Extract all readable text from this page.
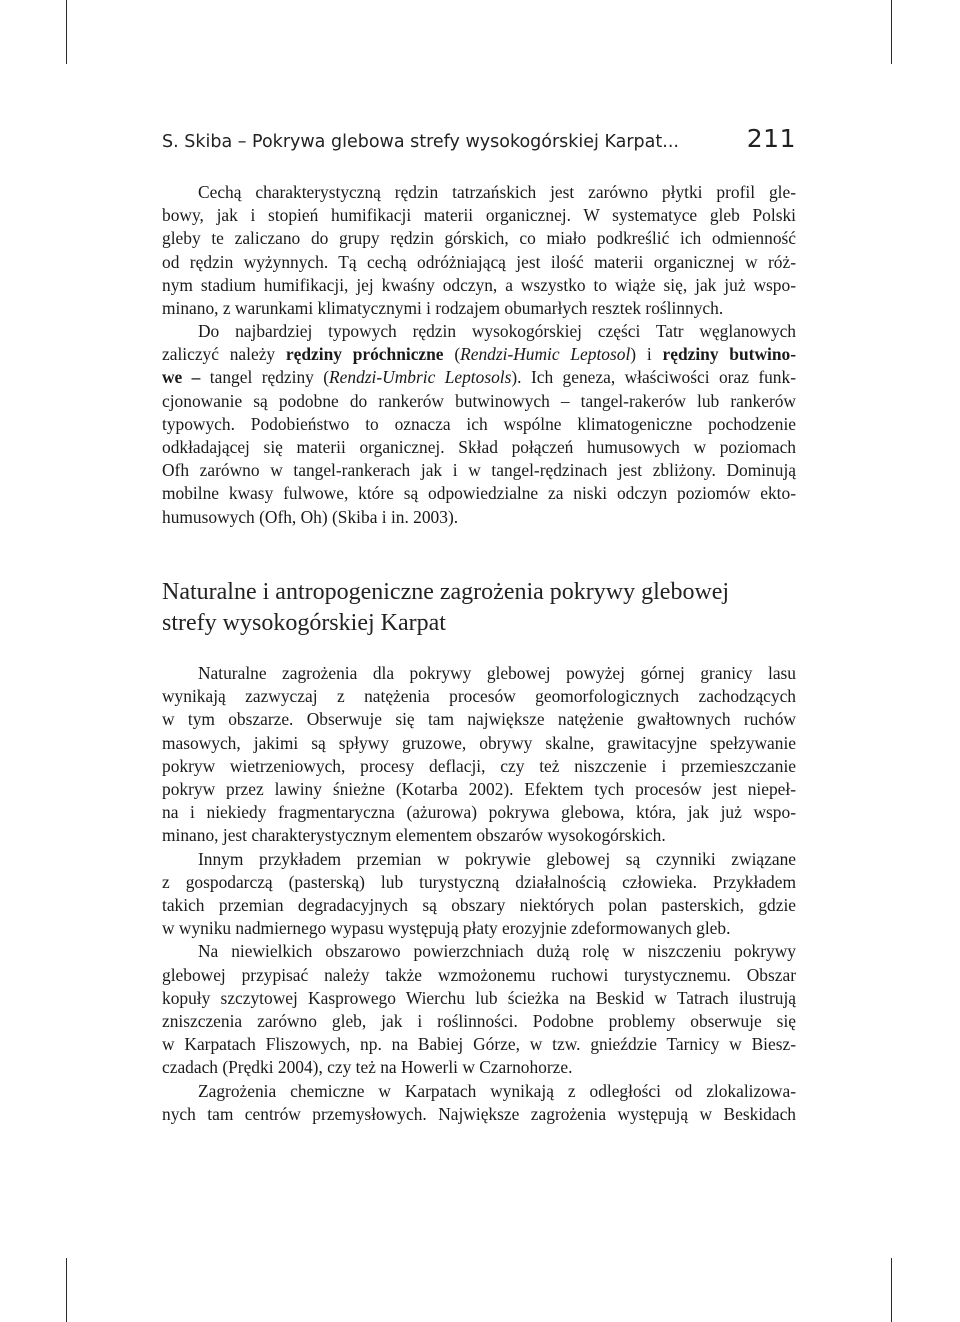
S. Skiba – Pokrywa glebowa strefy wysokogórskiej Karpat...	211
Cechą charakterystyczną rędzin tatrzańskich jest zarówno płytki profil gle-
bowy, jak i stopień humifikacji materii organicznej. W systematyce gleb Polski
gleby te zaliczano do grupy rędzin górskich, co miało podkreślić ich odmienność
od rędzin wyżynnych. Tą cechą odróżniającą jest ilość materii organicznej w róż-
nym stadium humifikacji, jej kwaśny odczyn, a wszystko to wiąże się, jak już wspo-
minano, z warunkami klimatycznymi i rodzajem obumarłych resztek roślinnych.
Do najbardziej typowych rędzin wysokogórskiej części Tatr węglanowych
zaliczyć należy rędziny próchniczne (Rendzi-Humic Leptosol) i rędziny butwino-
we – tangel rędziny (Rendzi-Umbric Leptosols). Ich geneza, właściwości oraz funk-
cjonowanie są podobne do rankerów butwinowych – tangel-rakerów lub rankerów
typowych. Podobieństwo to oznacza ich wspólne klimatogeniczne pochodzenie
odkładającej się materii organicznej. Skład połączeń humusowych w poziomach
Ofh zarówno w tangel-rankerach jak i w tangel-rędzinach jest zbliżony. Dominują
mobilne kwasy fulwowe, które są odpowiedzialne za niski odczyn poziomów ekto-
humusowych (Ofh, Oh) (Skiba i in. 2003).
Naturalne i antropogeniczne zagrożenia pokrywy glebowej
strefy wysokogórskiej Karpat
Naturalne zagrożenia dla pokrywy glebowej powyżej górnej granicy lasu
wynikają zazwyczaj z natężenia procesów geomorfologicznych zachodzących
w tym obszarze. Obserwuje się tam największe natężenie gwałtownych ruchów
masowych, jakimi są spływy gruzowe, obrywy skalne, grawitacyjne spełzywanie
pokryw wietrzeniowych, procesy deflacji, czy też niszczenie i przemieszczanie
pokryw przez lawiny śnieżne (Kotarba 2002). Efektem tych procesów jest niepeł-
na i niekiedy fragmentaryczna (ażurowa) pokrywa glebowa, która, jak już wspo-
minano, jest charakterystycznym elementem obszarów wysokogórskich.
Innym przykładem przemian w pokrywie glebowej są czynniki związane
z gospodarczą (pasterską) lub turystyczną działalnością człowieka. Przykładem
takich przemian degradacyjnych są obszary niektórych polan pasterskich, gdzie
w wyniku nadmiernego wypasu występują płaty erozyjnie zdeformowanych gleb.
Na niewielkich obszarowo powierzchniach dużą rolę w niszczeniu pokrywy
glebowej przypisać należy także wzmożonemu ruchowi turystycznemu. Obszar
kopuły szczytowej Kasprowego Wierchu lub ścieżka na Beskid w Tatrach ilustrują
zniszczenia zarówno gleb, jak i roślinności. Podobne problemy obserwuje się
w Karpatach Fliszowych, np. na Babiej Górze, w tzw. gnieździe Tarnicy w Biesz-
czadach (Prędki 2004), czy też na Howerli w Czarnohorze.
Zagrożenia chemiczne w Karpatach wynikają z odległości od zlokalizowa-
nych tam centrów przemysłowych. Największe zagrożenia występują w Beskidach
